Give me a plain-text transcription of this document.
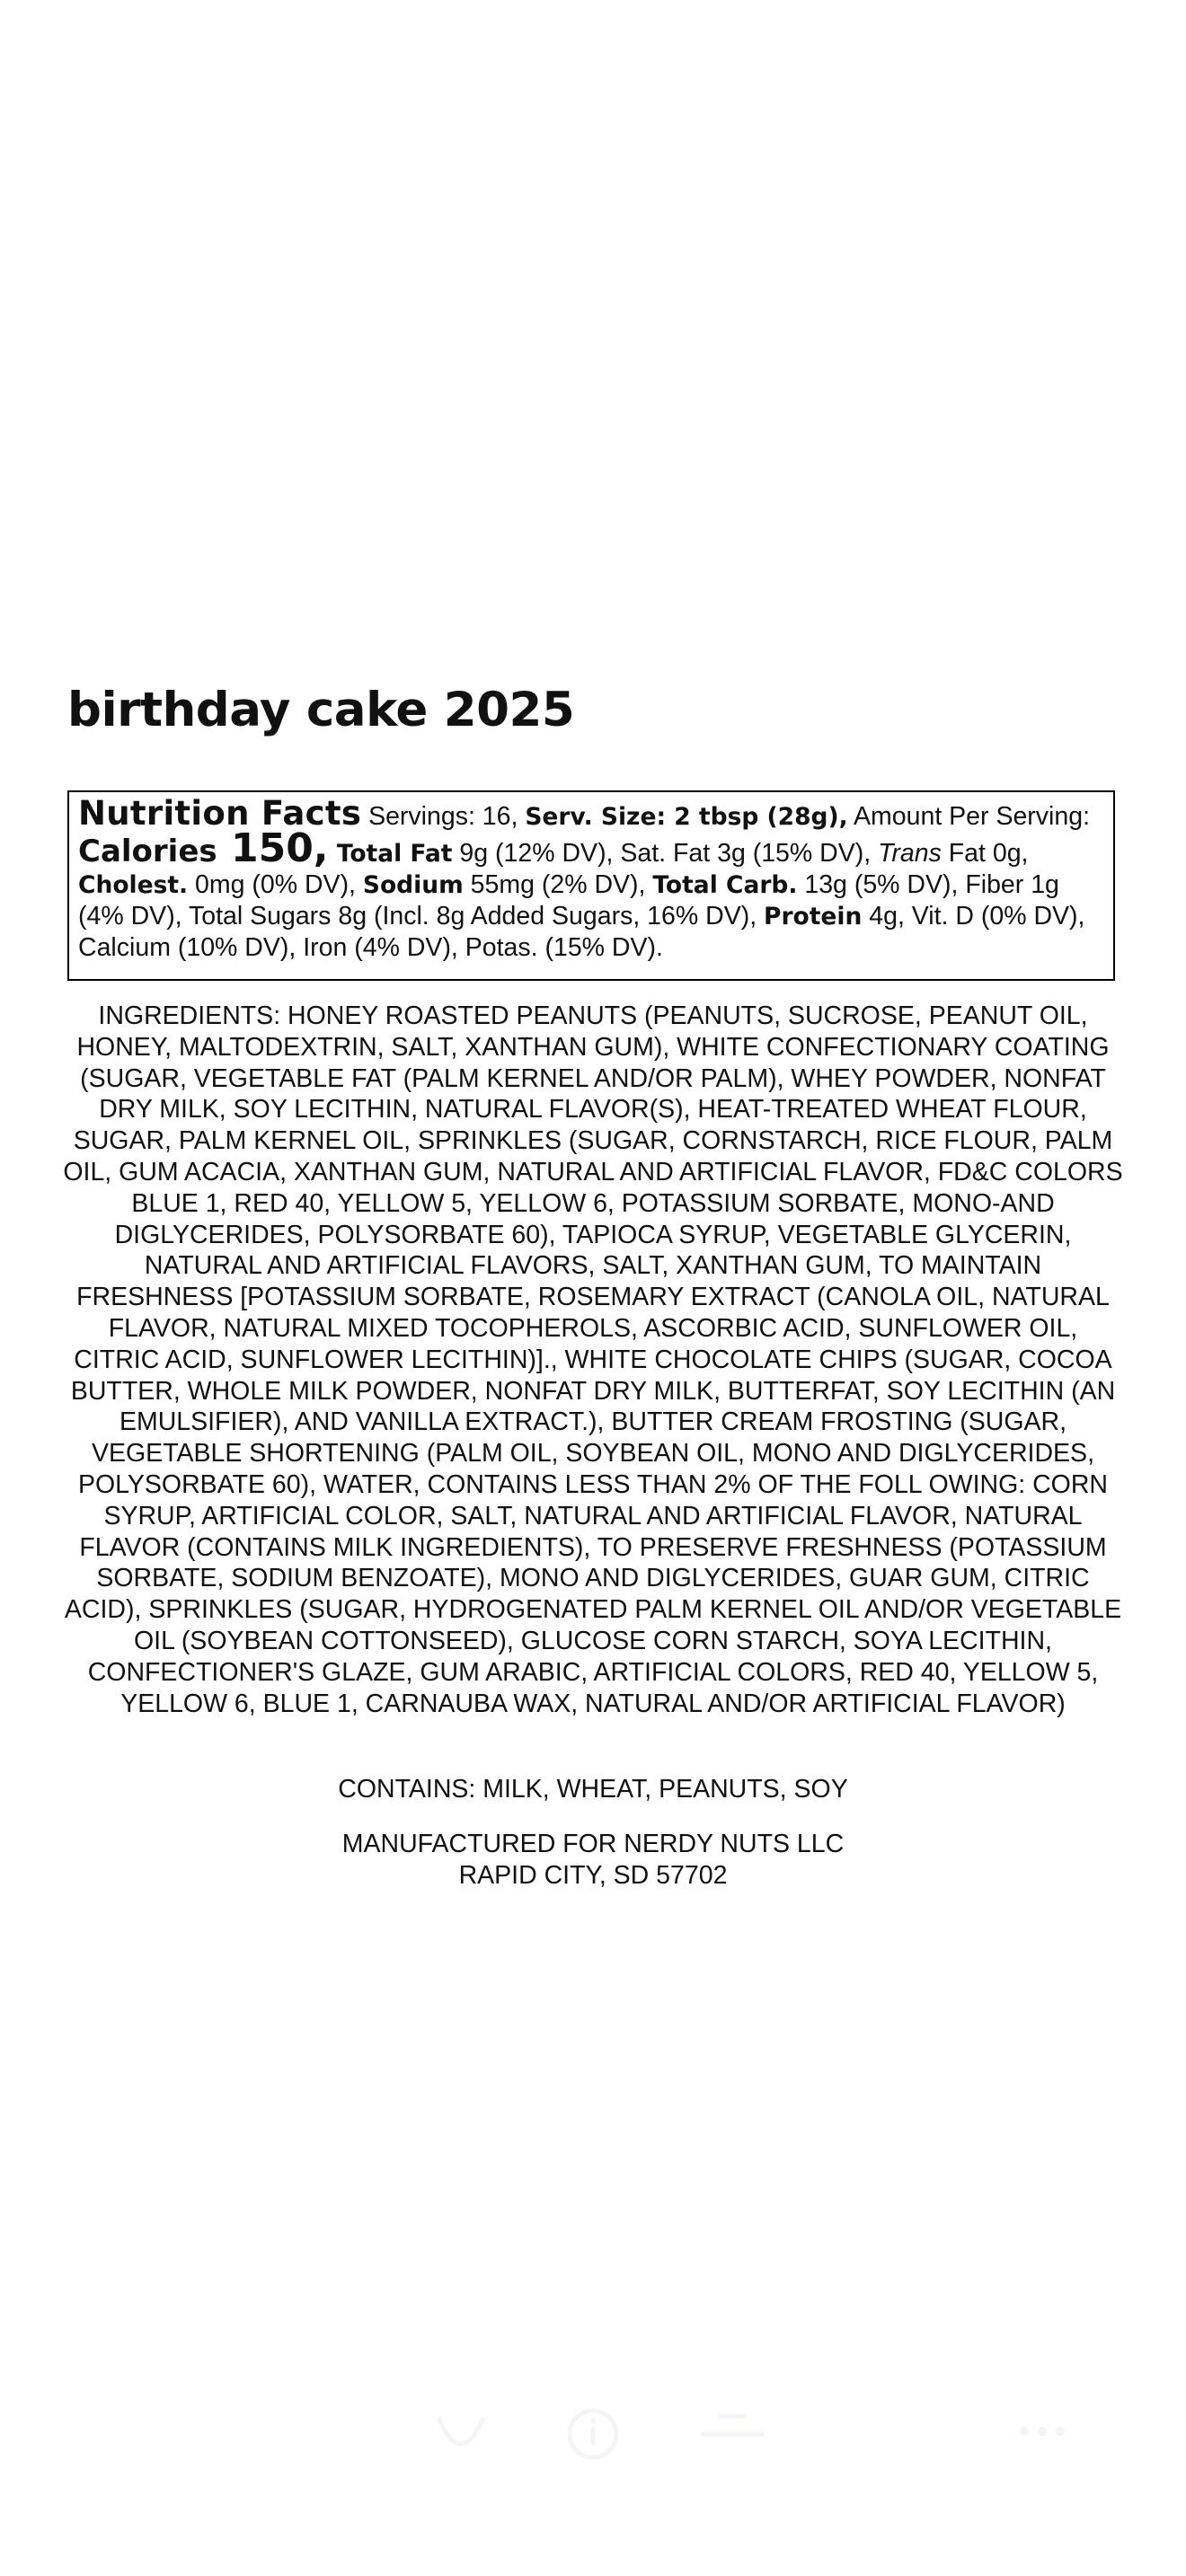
birthday cake 2025
Nutrition Facts Servings: 16, Serv. Size: 2 tbsp (28g), Amount Per Serving: Calories 150, Total Fat 9g (12% DV), Sat. Fat 3g (15% DV), Trans Fat 0g, Cholest. 0mg (0% DV), Sodium 55mg (2% DV), Total Carb. 13g (5% DV), Fiber 1g (4% DV), Total Sugars 8g (Incl. 8g Added Sugars, 16% DV), Protein 4g, Vit. D (0% DV), Calcium (10% DV), Iron (4% DV), Potas. (15% DV).

INGREDIENTS: HONEY ROASTED PEANUTS (PEANUTS, SUCROSE, PEANUT OIL, HONEY, MALTODEXTRIN, SALT, XANTHAN GUM), WHITE CONFECTIONARY COATING (SUGAR, VEGETABLE FAT (PALM KERNEL AND/OR PALM), WHEY POWDER, NONFAT DRY MILK, SOY LECITHIN, NATURAL FLAVOR(S), HEAT-TREATED WHEAT FLOUR, SUGAR, PALM KERNEL OIL, SPRINKLES (SUGAR, CORNSTARCH, RICE FLOUR, PALM OIL, GUM ACACIA, XANTHAN GUM, NATURAL AND ARTIFICIAL FLAVOR, FD&C COLORS BLUE 1, RED 40, YELLOW 5, YELLOW 6, POTASSIUM SORBATE, MONO-AND DIGLYCERIDES, POLYSORBATE 60), TAPIOCA SYRUP, VEGETABLE GLYCERIN, NATURAL AND ARTIFICIAL FLAVORS, SALT, XANTHAN GUM, TO MAINTAIN FRESHNESS [POTASSIUM SORBATE, ROSEMARY EXTRACT (CANOLA OIL, NATURAL FLAVOR, NATURAL MIXED TOCOPHEROLS, ASCORBIC ACID, SUNFLOWER OIL, CITRIC ACID, SUNFLOWER LECITHIN)]., WHITE CHOCOLATE CHIPS (SUGAR, COCOA BUTTER, WHOLE MILK POWDER, NONFAT DRY MILK, BUTTERFAT, SOY LECITHIN (AN EMULSIFIER), AND VANILLA EXTRACT.), BUTTER CREAM FROSTING (SUGAR, VEGETABLE SHORTENING (PALM OIL, SOYBEAN OIL, MONO AND DIGLYCERIDES, POLYSORBATE 60), WATER, CONTAINS LESS THAN 2% OF THE FOLL OWING: CORN SYRUP, ARTIFICIAL COLOR, SALT, NATURAL AND ARTIFICIAL FLAVOR, NATURAL FLAVOR (CONTAINS MILK INGREDIENTS), TO PRESERVE FRESHNESS (POTASSIUM SORBATE, SODIUM BENZOATE), MONO AND DIGLYCERIDES, GUAR GUM, CITRIC ACID), SPRINKLES (SUGAR, HYDROGENATED PALM KERNEL OIL AND/OR VEGETABLE OIL (SOYBEAN COTTONSEED), GLUCOSE CORN STARCH, SOYA LECITHIN, CONFECTIONER'S GLAZE, GUM ARABIC, ARTIFICIAL COLORS, RED 40, YELLOW 5, YELLOW 6, BLUE 1, CARNAUBA WAX, NATURAL AND/OR ARTIFICIAL FLAVOR)

CONTAINS: MILK, WHEAT, PEANUTS, SOY

MANUFACTURED FOR NERDY NUTS LLC
RAPID CITY, SD 57702
